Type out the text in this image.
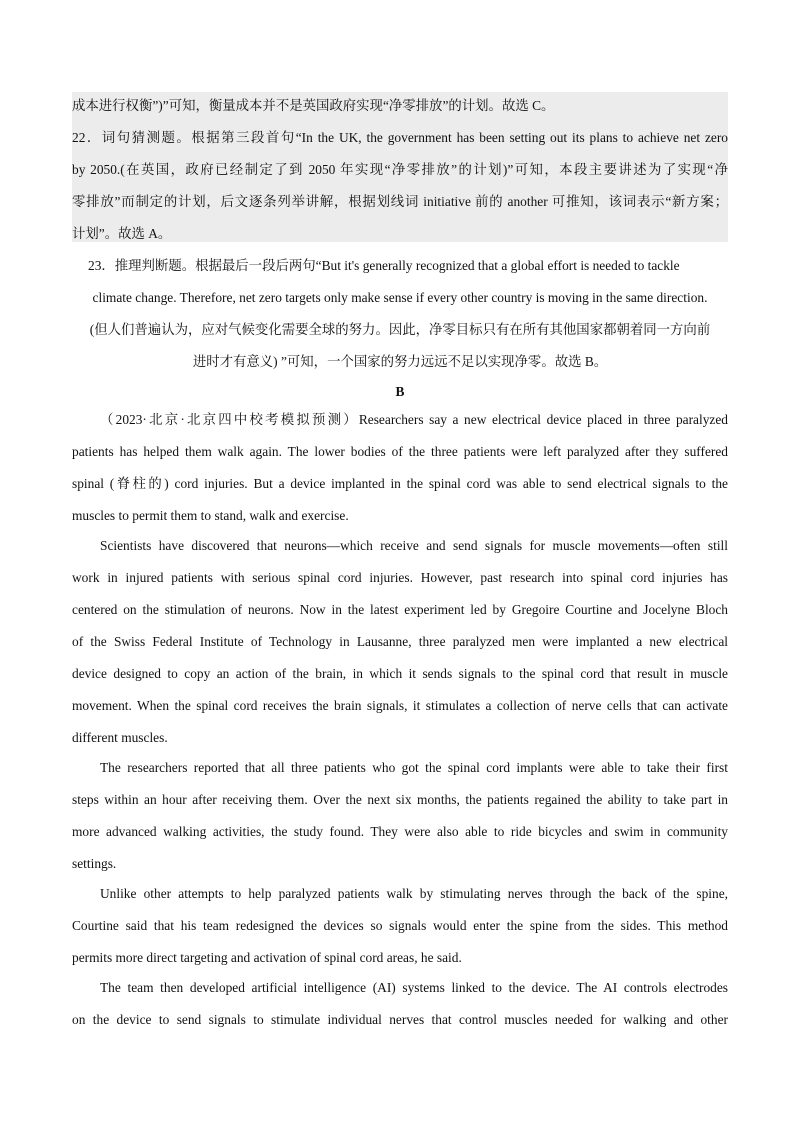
成本进行权衡”)”可知，衡量成本并不是英国政府实现“净零排放”的计划。故选 C。

22．词句猜测题。根据第三段首句“In the UK, the government has been setting out its plans to achieve net zero

by 2050.(在英国，政府已经制定了到 2050 年实现“净零排放”的计划)”可知，本段主要讲述为了实现“净

零排放”而制定的计划，后文逐条列举讲解，根据划线词 initiative 前的 another 可推知，该词表示“新方案；

计划”。故选 A。

23．推理判断题。根据最后一段后两句“But it's generally recognized that a global effort is needed to tackle

climate change. Therefore, net zero targets only make sense if every other country is moving in the same direction.

(但人们普遍认为，应对气候变化需要全球的努力。因此，净零目标只有在所有其他国家都朝着同一方向前

进时才有意义) ”可知，一个国家的努力远远不足以实现净零。故选 B。

B

（2023·北京·北京四中校考模拟预测）Researchers say a new electrical device placed in three paralyzed

patients has helped them walk again. The lower bodies of the three patients were left paralyzed after they suffered

spinal (脊柱的) cord injuries. But a device implanted in the spinal cord was able to send electrical signals to the

muscles to permit them to stand, walk and exercise.

Scientists have discovered that neurons—which receive and send signals for muscle movements—often still

work in injured patients with serious spinal cord injuries. However, past research into spinal cord injuries has

centered on the stimulation of neurons. Now in the latest experiment led by Gregoire Courtine and Jocelyne Bloch

of the Swiss Federal Institute of Technology in Lausanne, three paralyzed men were implanted a new electrical

device designed to copy an action of the brain, in which it sends signals to the spinal cord that result in muscle

movement. When the spinal cord receives the brain signals, it stimulates a collection of nerve cells that can activate

different muscles.

The researchers reported that all three patients who got the spinal cord implants were able to take their first

steps within an hour after receiving them. Over the next six months, the patients regained the ability to take part in

more advanced walking activities, the study found. They were also able to ride bicycles and swim in community

settings.

Unlike other attempts to help paralyzed patients walk by stimulating nerves through the back of the spine,

Courtine said that his team redesigned the devices so signals would enter the spine from the sides. This method

permits more direct targeting and activation of spinal cord areas, he said.

The team then developed artificial intelligence (AI) systems linked to the device. The AI controls electrodes

on the device to send signals to stimulate individual nerves that control muscles needed for walking and other
